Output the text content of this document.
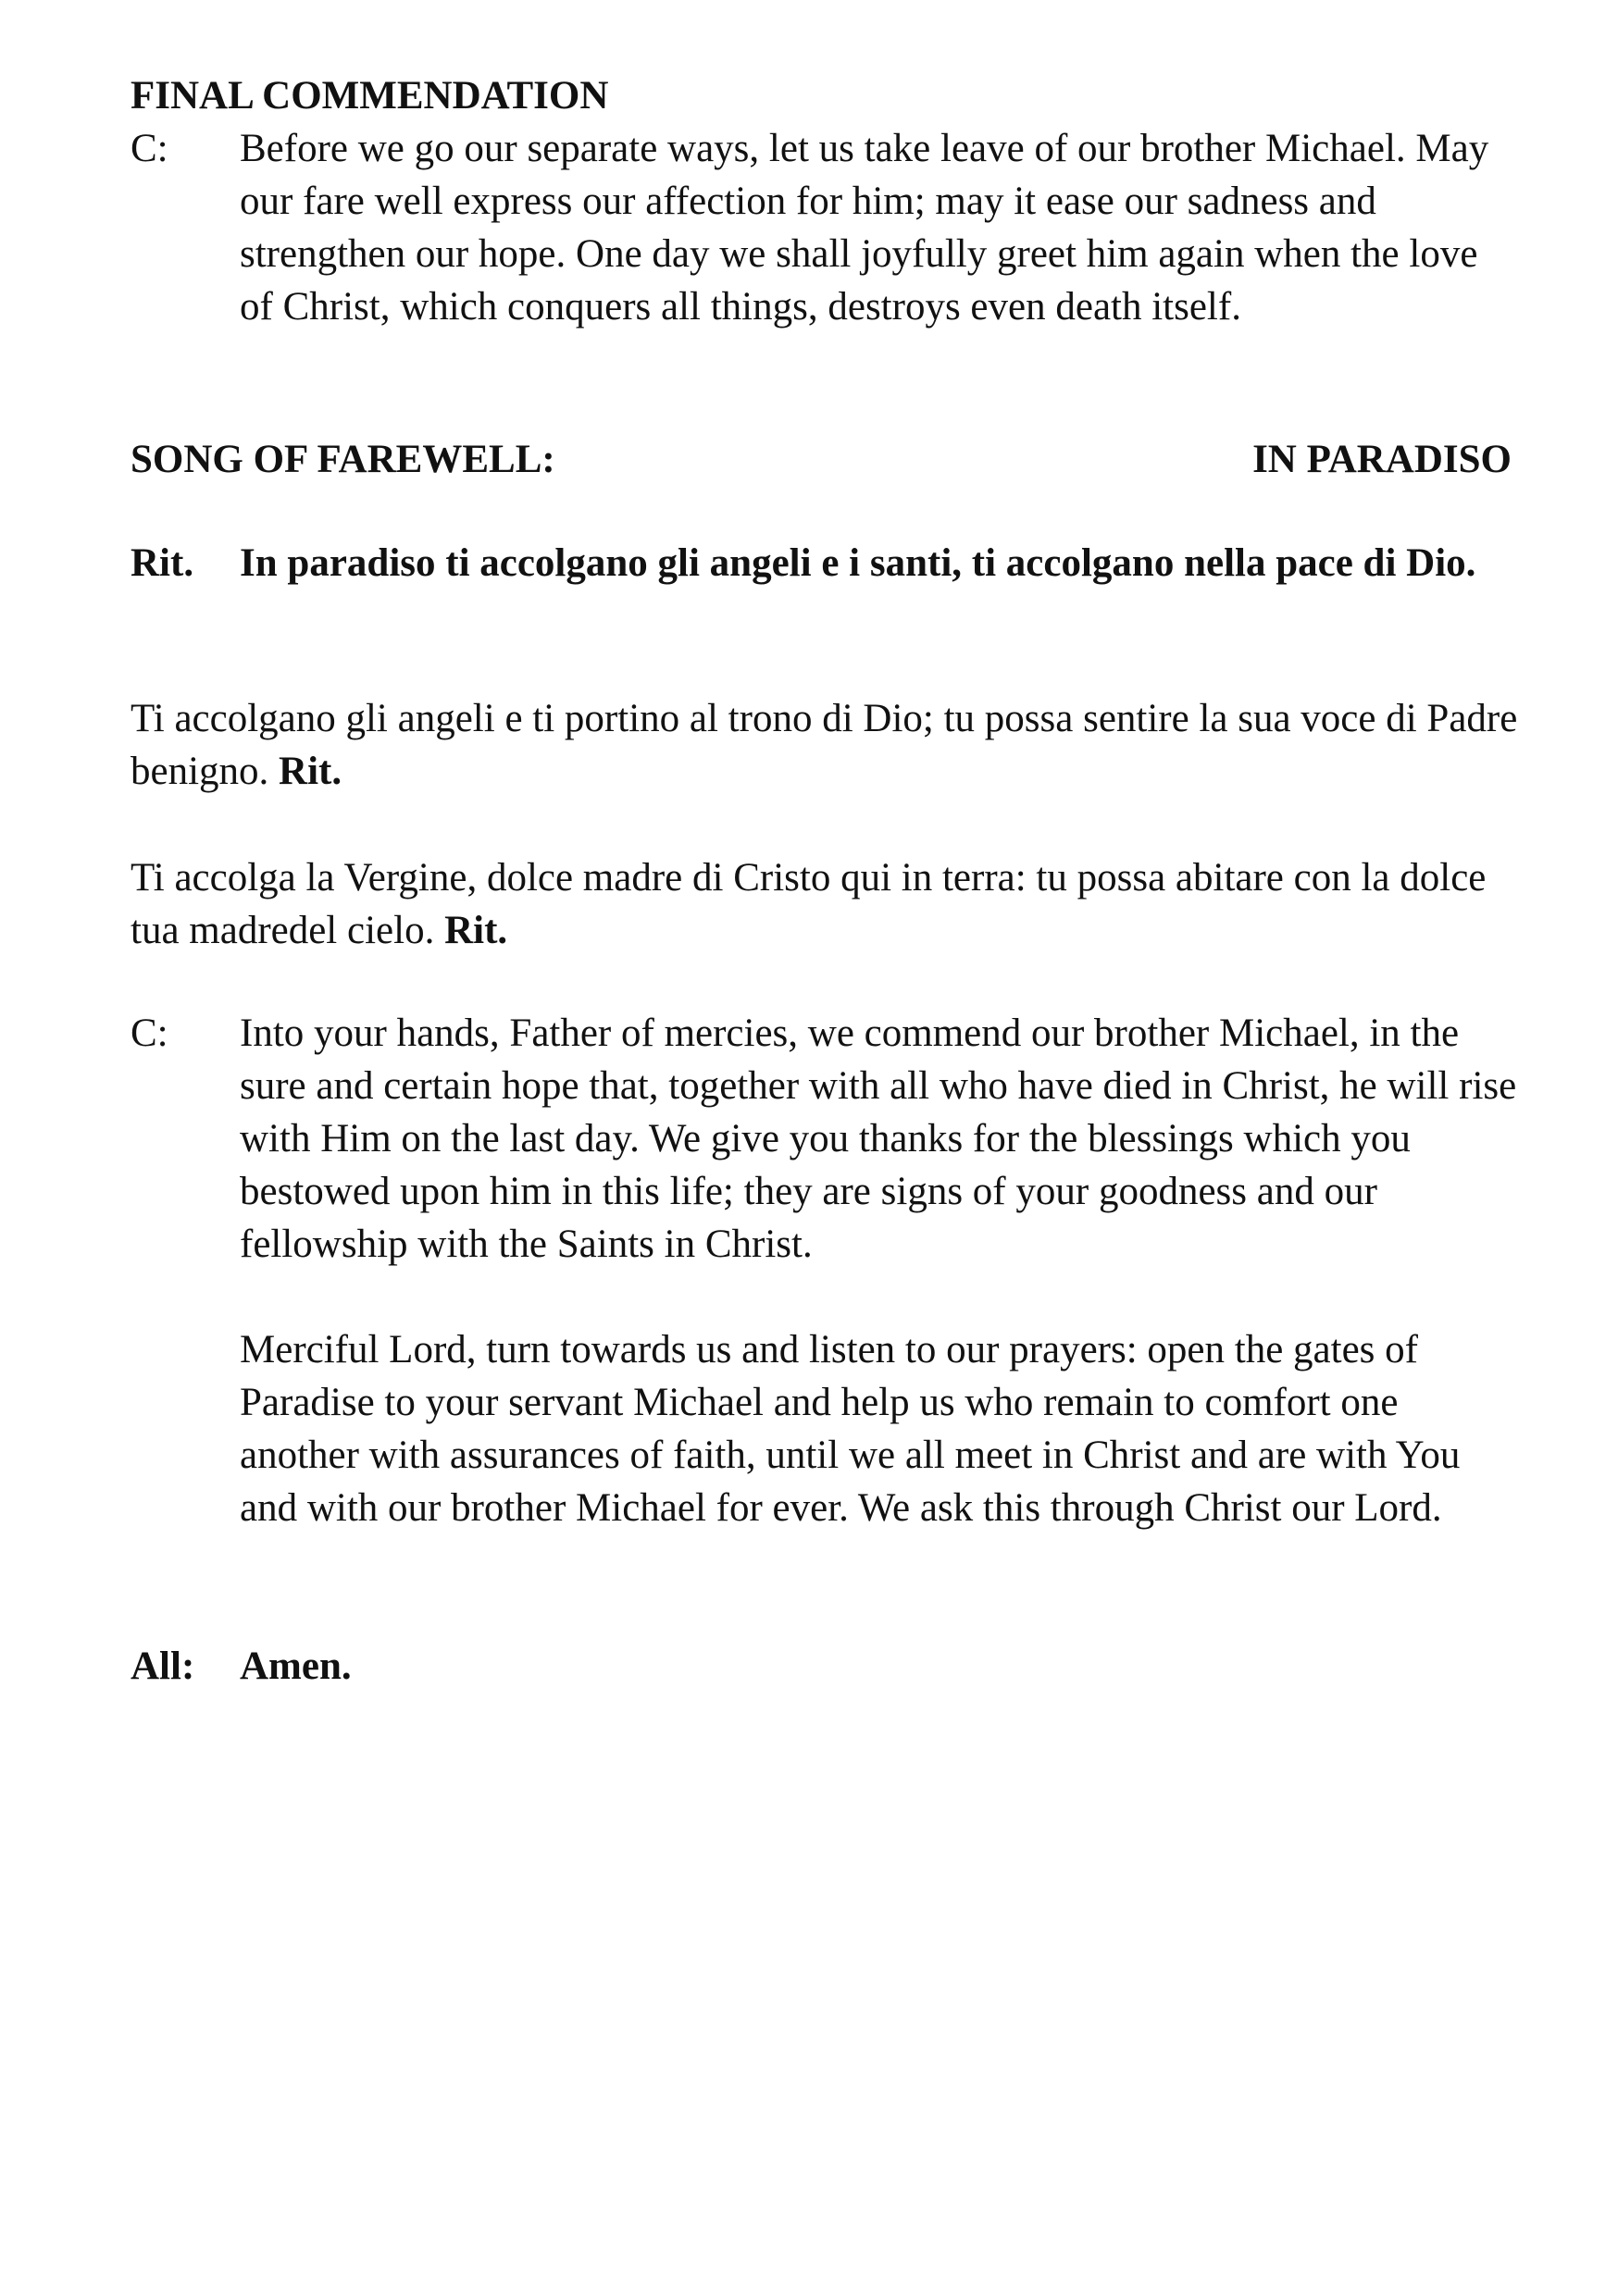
FINAL COMMENDATION
C:	Before we go our separate ways, let us take leave of our brother Michael. May our fare well express our affection for him; may it ease our sadness and strengthen our hope. One day we shall joyfully greet him again when the love of Christ, which conquers all things, destroys even death itself.
SONG OF FAREWELL:	IN PARADISO
Rit.	In paradiso ti accolgano gli angeli e i santi, ti accolgano nella pace di Dio.
Ti accolgano gli angeli e ti portino al trono di Dio; tu possa sentire la sua voce di Padre benigno. Rit.
Ti accolga la Vergine, dolce madre di Cristo qui in terra: tu possa abitare con la dolce tua madredel cielo. Rit.
C:	Into your hands, Father of mercies, we commend our brother Michael, in the sure and certain hope that, together with all who have died in Christ, he will rise with Him on the last day. We give you thanks for the blessings which you bestowed upon him in this life; they are signs of your goodness and our fellowship with the Saints in Christ.
Merciful Lord, turn towards us and listen to our prayers: open the gates of Paradise to your servant Michael and help us who remain to comfort one another with assurances of faith, until we all meet in Christ and are with You and with our brother Michael for ever. We ask this through Christ our Lord.
All:	Amen.
